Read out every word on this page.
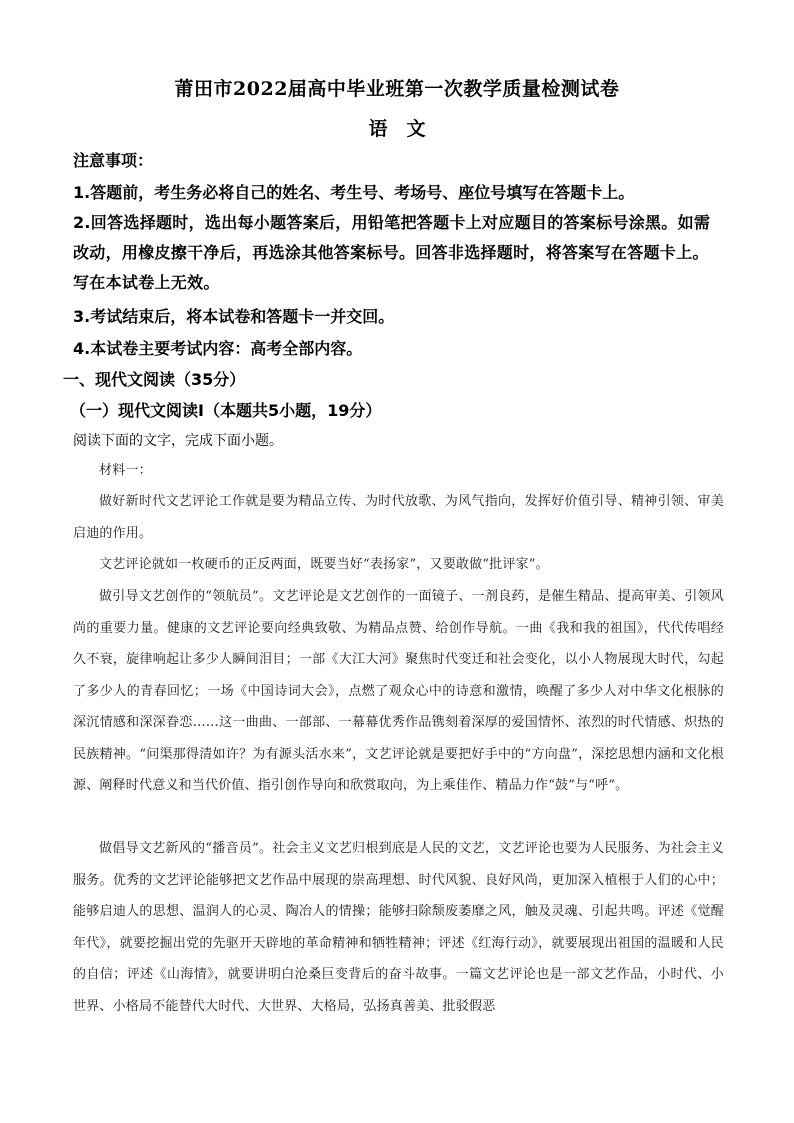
莆田市2022届高中毕业班第一次教学质量检测试卷
语　文

注意事项：

1.答题前，考生务必将自己的姓名、考生号、考场号、座位号填写在答题卡上。

2.回答选择题时，选出每小题答案后，用铅笔把答题卡上对应题目的答案标号涂黑。如需改动，用橡皮擦干净后，再选涂其他答案标号。回答非选择题时，将答案写在答题卡上。写在本试卷上无效。

3.考试结束后，将本试卷和答题卡一并交回。

4.本试卷主要考试内容：高考全部内容。

一、现代文阅读（35分）

（一）现代文阅读Ⅰ（本题共5小题，19分）

阅读下面的文字，完成下面小题。

材料一：

做好新时代文艺评论工作就是要为精品立传、为时代放歌、为风气指向，发挥好价值引导、精神引领、审美启迪的作用。

文艺评论就如一枚硬币的正反两面，既要当好“表扬家”，又要敢做“批评家”。

做引导文艺创作的“领航员”。文艺评论是文艺创作的一面镜子、一剂良药，是催生精品、提高审美、引领风尚的重要力量。健康的文艺评论要向经典致敬、为精品点赞、给创作导航。一曲《我和我的祖国》，代代传唱经久不衰，旋律响起让多少人瞬间泪目；一部《大江大河》聚焦时代变迁和社会变化，以小人物展现大时代，勾起了多少人的青春回忆；一场《中国诗词大会》，点燃了观众心中的诗意和激情，唤醒了多少人对中华文化根脉的深沉情感和深深眷恋……这一曲曲、一部部、一幕幕优秀作品镌刻着深厚的爱国情怀、浓烈的时代情感、炽热的民族精神。“问渠那得清如许？为有源头活水来”，文艺评论就是要把好手中的“方向盘”，深挖思想内涵和文化根源、阐释时代意义和当代价值、指引创作导向和欣赏取向，为上乘佳作、精品力作“鼓”与“呼”。

做倡导文艺新风的“播音员”。社会主义文艺归根到底是人民的文艺，文艺评论也要为人民服务、为社会主义服务。优秀的文艺评论能够把文艺作品中展现的崇高理想、时代风貌、良好风尚，更加深入植根于人们的心中；能够启迪人的思想、温润人的心灵、陶冶人的情操；能够扫除颓废萎靡之风，触及灵魂、引起共鸣。评述《觉醒年代》，就要挖掘出党的先驱开天辟地的革命精神和牺牲精神；评述《红海行动》，就要展现出祖国的温暖和人民的自信；评述《山海情》，就要讲明白沧桑巨变背后的奋斗故事。一篇文艺评论也是一部文艺作品，小时代、小世界、小格局不能替代大时代、大世界、大格局，弘扬真善美、批驳假恶
